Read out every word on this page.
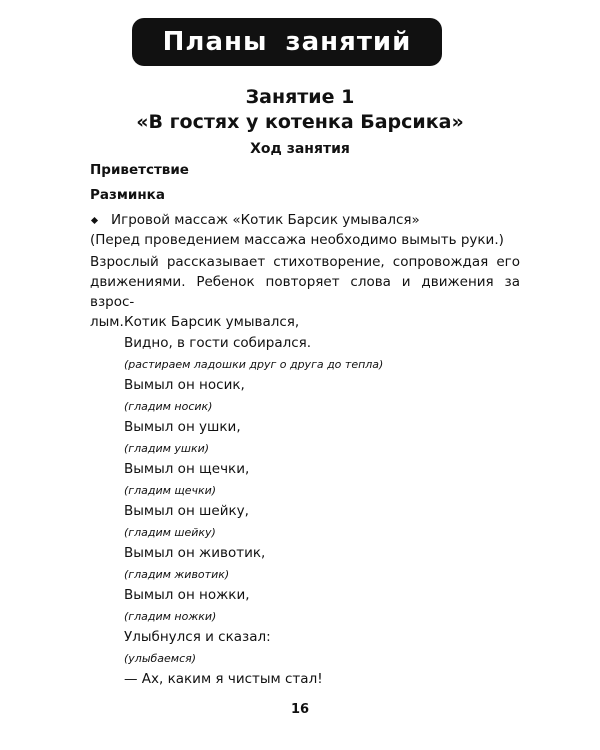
Планы занятий
Занятие 1
«В гостях у котенка Барсика»
Ход занятия
Приветствие
Разминка
Игровой массаж «Котик Барсик умывался»
(Перед проведением массажа необходимо вымыть руки.)
Взрослый рассказывает стихотворение, сопровождая его
движениями. Ребенок повторяет слова и движения за взрос-
лым. Котик Барсик умывался,
Видно, в гости собирался.
(растираем ладошки друг о друга до тепла)
Вымыл он носик,
(гладим носик)
Вымыл он ушки,
(гладим ушки)
Вымыл он щечки,
(гладим щечки)
Вымыл он шейку,
(гладим шейку)
Вымыл он животик,
(гладим животик)
Вымыл он ножки,
(гладим ножки)
Улыбнулся и сказал:
(улыбаемся)
— Ах, каким я чистым стал!
16
